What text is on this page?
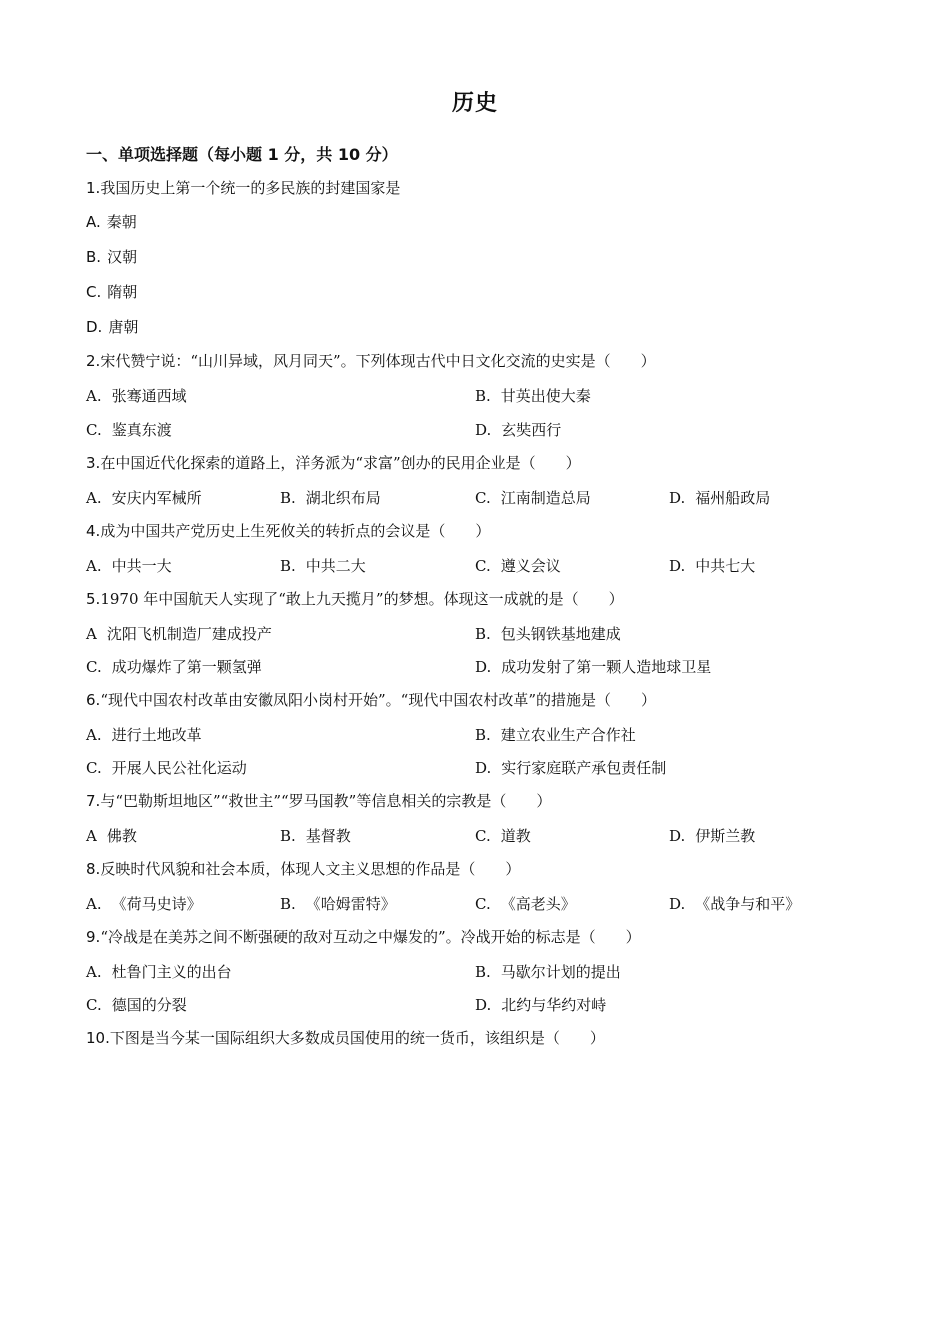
历史
一、单项选择题（每小题 1 分，共 10 分）
1.我国历史上第一个统一的多民族的封建国家是
A. 秦朝
B. 汉朝
C. 隋朝
D. 唐朝
2.宋代赞宁说：“山川异域，风月同天”。下列体现古代中日文化交流的史实是（　　）
A. 张骞通西域	B. 甘英出使大秦
C. 鉴真东渡	D. 玄奘西行
3.在中国近代化探索的道路上，洋务派为“求富”创办的民用企业是（　　）
A. 安庆内军械所	B. 湖北织布局	C. 江南制造总局	D. 福州船政局
4.成为中国共产党历史上生死攸关的转折点的会议是（　　）
A. 中共一大	B. 中共二大	C. 遵义会议	D. 中共七大
5.1970 年中国航天人实现了“敢上九天揽月”的梦想。体现这一成就的是（　　）
A 沈阳飞机制造厂建成投产	B. 包头钢铁基地建成
C. 成功爆炸了第一颗氢弹	D. 成功发射了第一颗人造地球卫星
6.“现代中国农村改革由安徽凤阳小岗村开始”。“现代中国农村改革”的措施是（　　）
A. 进行土地改革	B. 建立农业生产合作社
C. 开展人民公社化运动	D. 实行家庭联产承包责任制
7.与“巴勒斯坦地区”“救世主”“罗马国教”等信息相关的宗教是（　　）
A 佛教	B. 基督教	C. 道教	D. 伊斯兰教
8.反映时代风貌和社会本质，体现人文主义思想的作品是（　　）
A. 《荷马史诗》	B. 《哈姆雷特》	C. 《高老头》	D. 《战争与和平》
9.“冷战是在美苏之间不断强硬的敌对互动之中爆发的”。冷战开始的标志是（　　）
A. 杜鲁门主义的出台	B. 马歇尔计划的提出
C. 德国的分裂	D. 北约与华约对峙
10.下图是当今某一国际组织大多数成员国使用的统一货币，该组织是（　　）
